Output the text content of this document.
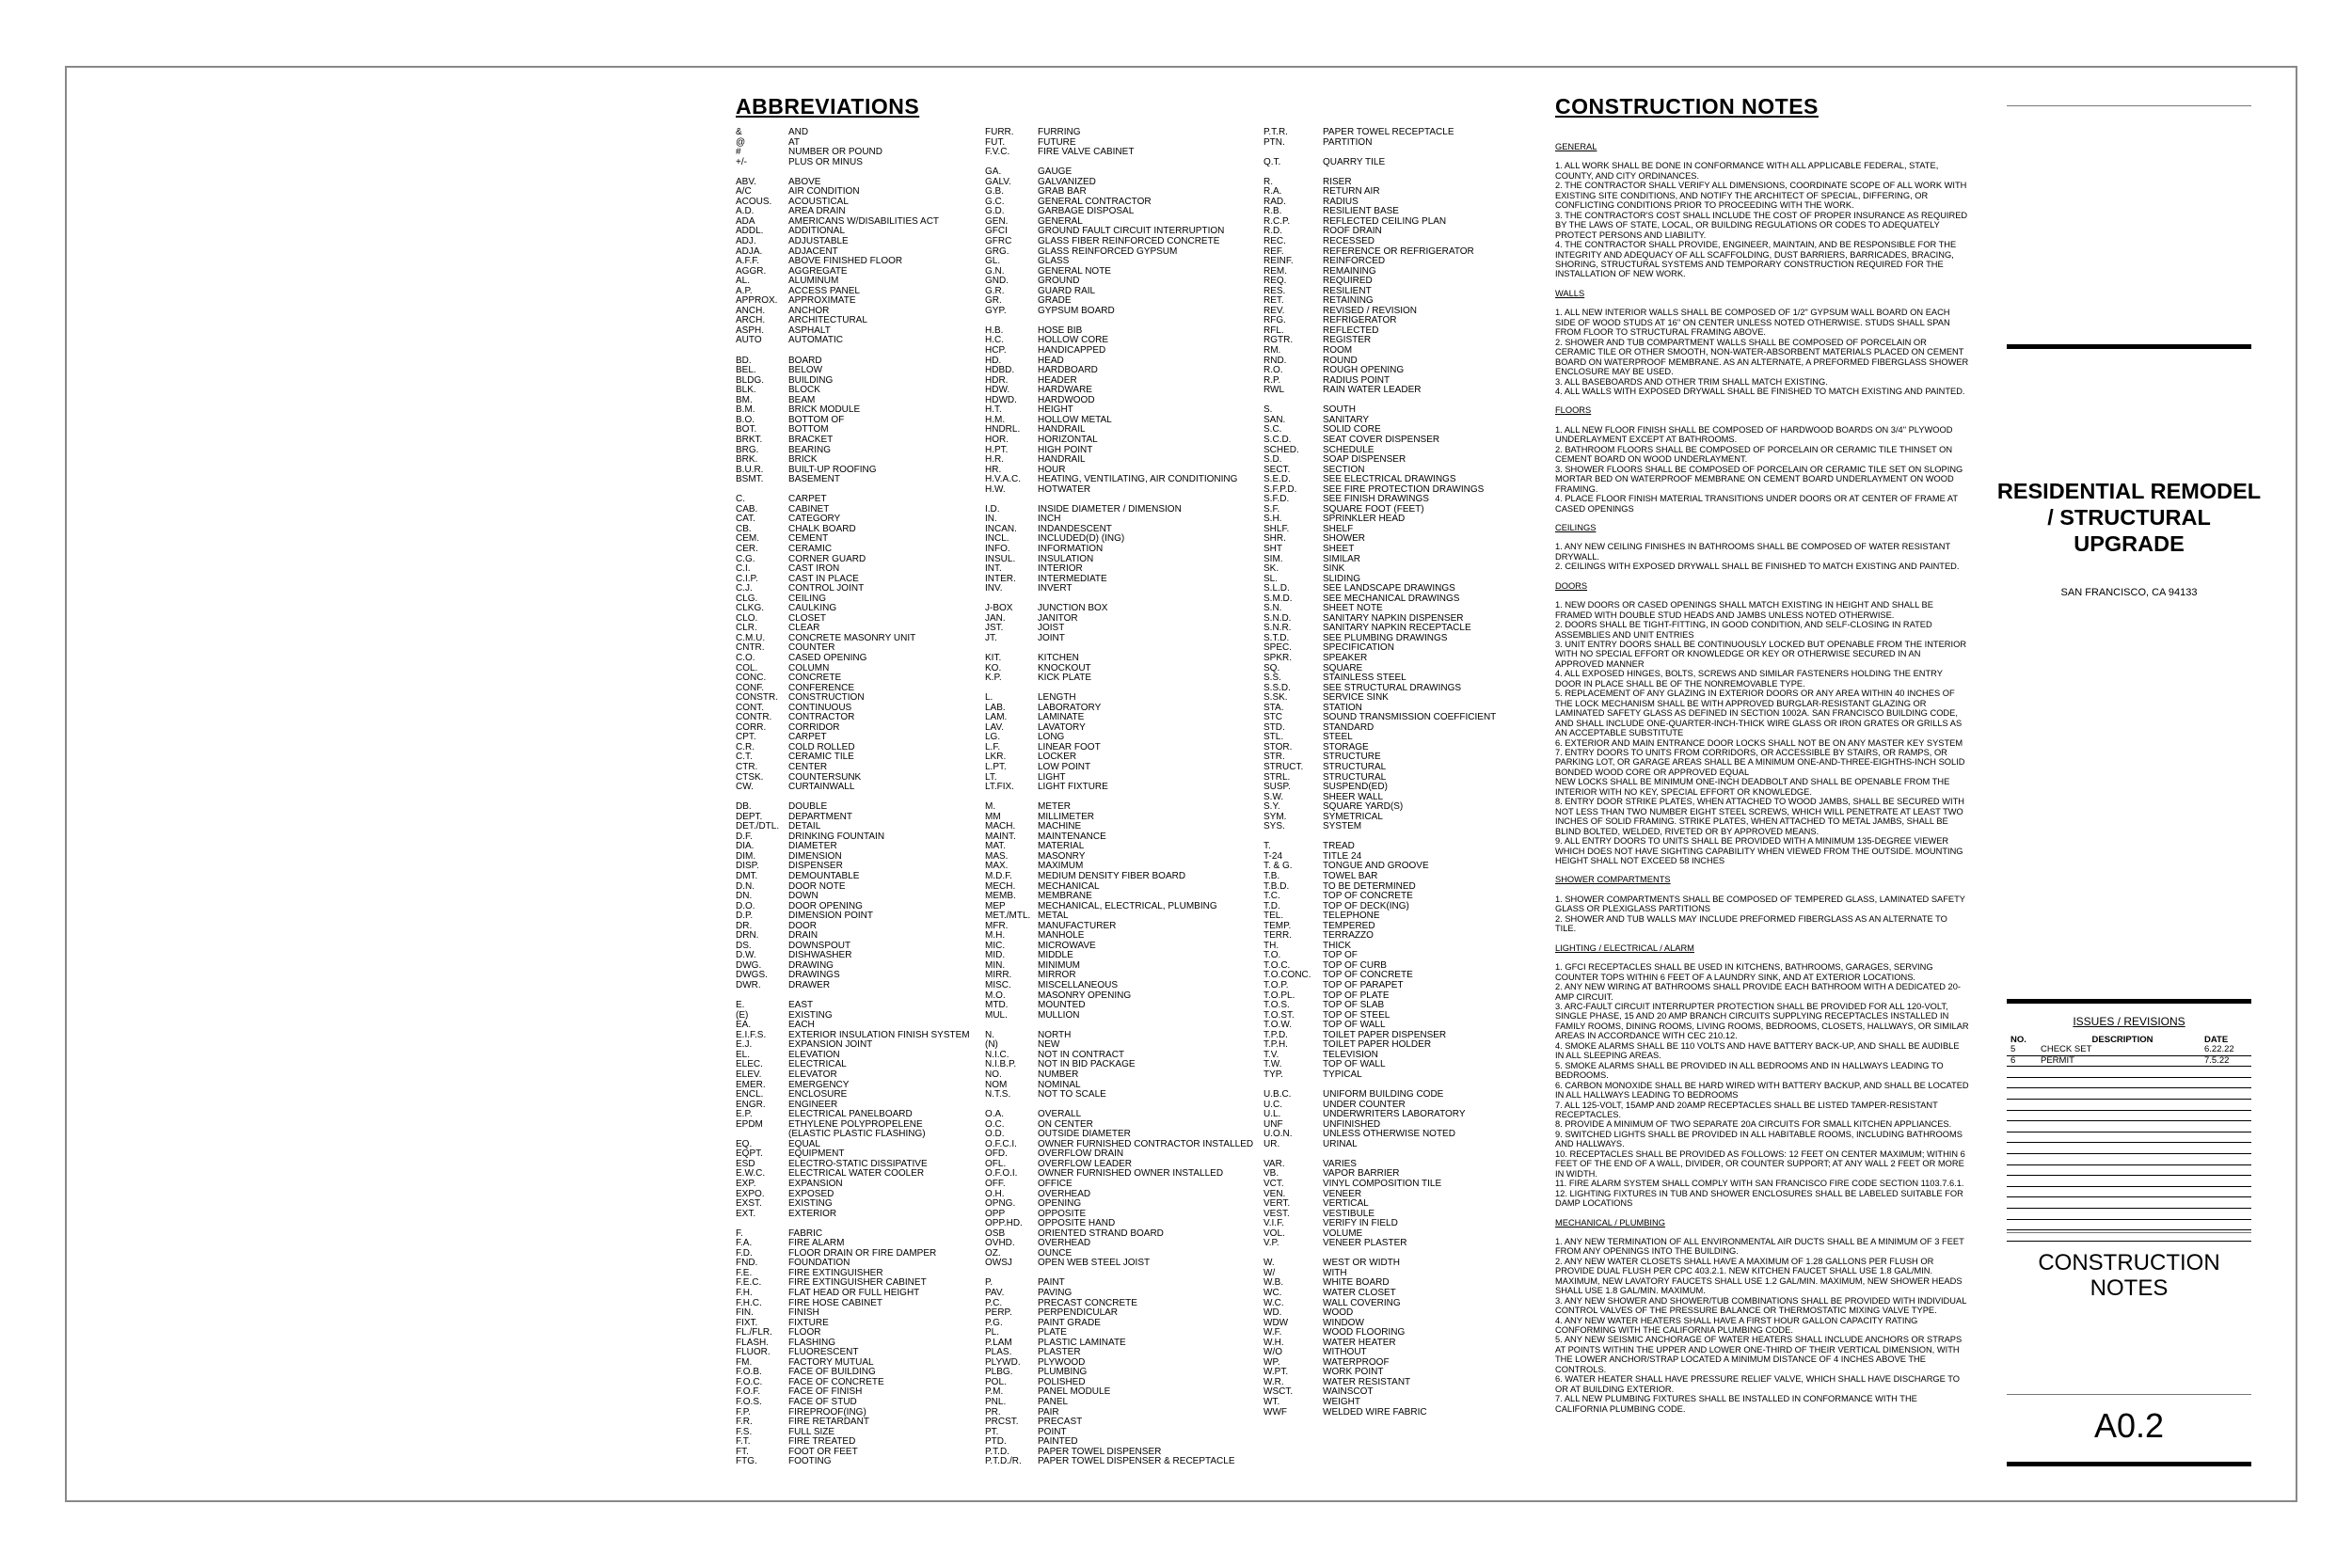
ABBREVIATIONS
&	AND
@	AT
#	NUMBER OR POUND
+/-	PLUS OR MINUS
ABV.	ABOVE
A/C	AIR CONDITION
ACOUS.	ACOUSTICAL
A.D.	AREA DRAIN
ADA	AMERICANS W/DISABILITIES ACT
ADDL.	ADDITIONAL
ADJ.	ADJUSTABLE
ADJA.	ADJACENT
A.F.F.	ABOVE FINISHED FLOOR
AGGR.	AGGREGATE
AL.	ALUMINUM
A.P.	ACCESS PANEL
APPROX.	APPROXIMATE
ANCH.	ANCHOR
ARCH.	ARCHITECTURAL
ASPH.	ASPHALT
AUTO	AUTOMATIC
BD.	BOARD
BEL.	BELOW
BLDG.	BUILDING
BLK.	BLOCK
BM.	BEAM
B.M.	BRICK MODULE
B.O.	BOTTOM OF
BOT.	BOTTOM
BRKT.	BRACKET
BRG.	BEARING
BRK.	BRICK
B.U.R.	BUILT-UP ROOFING
BSMT.	BASEMENT
C.	CARPET
CAB.	CABINET
CAT.	CATEGORY
CB.	CHALK BOARD
CEM.	CEMENT
CER.	CERAMIC
C.G.	CORNER GUARD
C.I.	CAST IRON
C.I.P.	CAST IN PLACE
C.J.	CONTROL JOINT
CLG.	CEILING
CLKG.	CAULKING
CLO.	CLOSET
CLR.	CLEAR
C.M.U.	CONCRETE MASONRY UNIT
CNTR.	COUNTER
C.O.	CASED OPENING
COL.	COLUMN
CONC.	CONCRETE
CONF.	CONFERENCE
CONSTR.	CONSTRUCTION
CONT.	CONTINUOUS
CONTR.	CONTRACTOR
CORR.	CORRIDOR
CPT.	CARPET
C.R.	COLD ROLLED
C.T.	CERAMIC TILE
CTR.	CENTER
CTSK.	COUNTERSUNK
CW.	CURTAINWALL
DB.	DOUBLE
DEPT.	DEPARTMENT
DET./DTL. DETAIL
D.F.	DRINKING FOUNTAIN
DIA.	DIAMETER
DIM.	DIMENSION
DISP.	DISPENSER
DMT.	DEMOUNTABLE
D.N.	DOOR NOTE
DN.	DOWN
D.O.	DOOR OPENING
D.P.	DIMENSION POINT
DR.	DOOR
DRN.	DRAIN
DS.	DOWNSPOUT
D.W.	DISHWASHER
DWG.	DRAWING
DWGS.	DRAWINGS
DWR.	DRAWER
E.	EAST
(E)	EXISTING
EA.	EACH
E.I.F.S.	EXTERIOR INSULATION FINISH SYSTEM
E.J.	EXPANSION JOINT
EL.	ELEVATION
ELEC.	ELECTRICAL
ELEV.	ELEVATOR
EMER.	EMERGENCY
ENCL.	ENCLOSURE
ENGR.	ENGINEER
E.P.	ELECTRICAL PANELBOARD
EPDM	ETHYLENE POLYPROPELENE
(ELASTIC PLASTIC FLASHING)
EQ.	EQUAL
EQPT.	EQUIPMENT
ESD	ELECTRO-STATIC DISSIPATIVE
E.W.C.	ELECTRICAL WATER COOLER
EXP.	EXPANSION
EXPO.	EXPOSED
EXST.	EXISTING
EXT.	EXTERIOR
F.	FABRIC
F.A.	FIRE ALARM
F.D.	FLOOR DRAIN OR FIRE DAMPER
FND.	FOUNDATION
F.E.	FIRE EXTINGUISHER
F.E.C.	FIRE EXTINGUISHER CABINET
F.H.	FLAT HEAD OR FULL HEIGHT
F.H.C.	FIRE HOSE CABINET
FIN.	FINISH
FIXT.	FIXTURE
FL./FLR.	FLOOR
FLASH.	FLASHING
FLUOR.	FLUORESCENT
FM.	FACTORY MUTUAL
F.O.B.	FACE OF BUILDING
F.O.C.	FACE OF CONCRETE
F.O.F.	FACE OF FINISH
F.O.S.	FACE OF STUD
F.P.	FIREPROOF(ING)
F.R.	FIRE RETARDANT
F.S.	FULL SIZE
F.T.	FIRE TREATED
FT.	FOOT OR FEET
FTG.	FOOTING
FURR.	FURRING
FUT.	FUTURE
F.V.C.	FIRE VALVE CABINET
GA.	GAUGE
GALV.	GALVANIZED
G.B.	GRAB BAR
G.C.	GENERAL CONTRACTOR
G.D.	GARBAGE DISPOSAL
GEN.	GENERAL
GFCI	GROUND FAULT CIRCUIT INTERRUPTION
GFRC	GLASS FIBER REINFORCED CONCRETE
GRG.	GLASS REINFORCED GYPSUM
GL.	GLASS
G.N.	GENERAL NOTE
GND.	GROUND
G.R.	GUARD RAIL
GR.	GRADE
GYP.	GYPSUM BOARD
H.B.	HOSE BIB
H.C.	HOLLOW CORE
HCP.	HANDICAPPED
HD.	HEAD
HDBD.	HARDBOARD
HDR.	HEADER
HDW.	HARDWARE
HDWD.	HARDWOOD
H.T.	HEIGHT
H.M.	HOLLOW METAL
HNDRL.	HANDRAIL
HOR.	HORIZONTAL
H.PT.	HIGH POINT
H.R.	HANDRAIL
HR.	HOUR
H.V.A.C.	HEATING, VENTILATING, AIR CONDITIONING
H.W.	HOTWATER
I.D.	INSIDE DIAMETER / DIMENSION
IN.	INCH
INCAN.	INDANDESCENT
INCL.	INCLUDED(D) (ING)
INFO.	INFORMATION
INSUL.	INSULATION
INT.	INTERIOR
INTER.	INTERMEDIATE
INV.	INVERT
J-BOX	JUNCTION BOX
JAN.	JANITOR
JST.	JOIST
JT.	JOINT
KIT.	KITCHEN
KO.	KNOCKOUT
K.P.	KICK PLATE
L.	LENGTH
LAB.	LABORATORY
LAM.	LAMINATE
LAV.	LAVATORY
LG.	LONG
L.F.	LINEAR FOOT
LKR.	LOCKER
L.PT.	LOW POINT
LT.	LIGHT
LT.FIX.	LIGHT FIXTURE
M.	METER
MM	MILLIMETER
MACH.	MACHINE
MAINT.	MAINTENANCE
MAT.	MATERIAL
MAS.	MASONRY
MAX.	MAXIMUM
M.D.F.	MEDIUM DENSITY FIBER BOARD
MECH.	MECHANICAL
MEMB.	MEMBRANE
MEP	MECHANICAL, ELECTRICAL, PLUMBING
MET./MTL. METAL
MFR.	MANUFACTURER
M.H.	MANHOLE
MIC.	MICROWAVE
MID.	MIDDLE
MIN.	MINIMUM
MIRR.	MIRROR
MISC.	MISCELLANEOUS
M.O.	MASONRY OPENING
MTD.	MOUNTED
MUL.	MULLION
N.	NORTH
(N)	NEW
N.I.C.	NOT IN CONTRACT
N.I.B.P.	NOT IN BID PACKAGE
NO.	NUMBER
NOM	NOMINAL
N.T.S.	NOT TO SCALE
O.A.	OVERALL
O.C.	ON CENTER
O.D.	OUTSIDE DIAMETER
O.F.C.I.	OWNER FURNISHED CONTRACTOR INSTALLED
OFD.	OVERFLOW DRAIN
OFL.	OVERFLOW LEADER
O.F.O.I.	OWNER FURNISHED OWNER INSTALLED
OFF.	OFFICE
O.H.	OVERHEAD
OPNG.	OPENING
OPP	OPPOSITE
OPP.HD.	OPPOSITE HAND
OSB	ORIENTED STRAND BOARD
OVHD.	OVERHEAD
OZ.	OUNCE
OWSJ	OPEN WEB STEEL JOIST
P.	PAINT
PAV.	PAVING
P.C.	PRECAST CONCRETE
PERP.	PERPENDICULAR
P.G.	PAINT GRADE
PL.	PLATE
P.LAM	PLASTIC LAMINATE
PLAS.	PLASTER
PLYWD.	PLYWOOD
PLBG.	PLUMBING
POL.	POLISHED
P.M.	PANEL MODULE
PNL.	PANEL
PR.	PAIR
PRCST.	PRECAST
PT.	POINT
PTD.	PAINTED
P.T.D.	PAPER TOWEL DISPENSER
P.T.D./R.	PAPER TOWEL DISPENSER & RECEPTACLE
P.T.R.	PAPER TOWEL RECEPTACLE
PTN.	PARTITION
Q.T.	QUARRY TILE
R.	RISER
R.A.	RETURN AIR
RAD.	RADIUS
R.B.	RESILIENT BASE
R.C.P.	REFLECTED CEILING PLAN
R.D.	ROOF DRAIN
REC.	RECESSED
REF.	REFERENCE OR REFRIGERATOR
REINF.	REINFORCED
REM.	REMAINING
REQ.	REQUIRED
RES.	RESILIENT
RET.	RETAINING
REV.	REVISED / REVISION
RFG.	REFRIGERATOR
RFL.	REFLECTED
RGTR.	REGISTER
RM.	ROOM
RND.	ROUND
R.O.	ROUGH OPENING
R.P.	RADIUS POINT
RWL	RAIN WATER LEADER
S.	SOUTH
SAN.	SANITARY
S.C.	SOLID CORE
S.C.D.	SEAT COVER DISPENSER
SCHED.	SCHEDULE
S.D.	SOAP DISPENSER
SECT.	SECTION
S.E.D.	SEE ELECTRICAL DRAWINGS
S.F.P.D.	SEE FIRE PROTECTION DRAWINGS
S.F.D.	SEE FINISH DRAWINGS
S.F.	SQUARE FOOT (FEET)
S.H.	SPRINKLER HEAD
SHLF.	SHELF
SHR.	SHOWER
SHT	SHEET
SIM.	SIMILAR
SK.	SINK
SL.	SLIDING
S.L.D.	SEE LANDSCAPE DRAWINGS
S.M.D.	SEE MECHANICAL DRAWINGS
S.N.	SHEET NOTE
S.N.D.	SANITARY NAPKIN DISPENSER
S.N.R.	SANITARY NAPKIN RECEPTACLE
S.T.D.	SEE PLUMBING DRAWINGS
SPEC.	SPECIFICATION
SPKR.	SPEAKER
SQ.	SQUARE
S.S.	STAINLESS STEEL
S.S.D.	SEE STRUCTURAL DRAWINGS
S.SK.	SERVICE SINK
STA.	STATION
STC	SOUND TRANSMISSION COEFFICIENT
STD.	STANDARD
STL.	STEEL
STOR.	STORAGE
STR.	STRUCTURE
STRUCT.	STRUCTURAL
STRL.	STRUCTURAL
SUSP.	SUSPEND(ED)
S.W.	SHEER WALL
S.Y.	SQUARE YARD(S)
SYM.	SYMETRICAL
SYS.	SYSTEM
T.	TREAD
T-24	TITLE 24
T. & G.	TONGUE AND GROOVE
T.B.	TOWEL BAR
T.B.D.	TO BE DETERMINED
T.C.	TOP OF CONCRETE
T.D.	TOP OF DECK(ING)
TEL.	TELEPHONE
TEMP.	TEMPERED
TERR.	TERRAZZO
TH.	THICK
T.O.	TOP OF
T.O.C.	TOP OF CURB
T.O.CONC.	TOP OF CONCRETE
T.O.P.	TOP OF PARAPET
T.O.PL.	TOP OF PLATE
T.O.S.	TOP OF SLAB
T.O.ST.	TOP OF STEEL
T.O.W.	TOP OF WALL
T.P.D.	TOILET PAPER DISPENSER
T.P.H.	TOILET PAPER HOLDER
T.V.	TELEVISION
T.W.	TOP OF WALL
TYP.	TYPICAL
U.B.C.	UNIFORM BUILDING CODE
U.C.	UNDER COUNTER
U.L.	UNDERWRITERS LABORATORY
UNF	UNFINISHED
U.O.N.	UNLESS OTHERWISE NOTED
UR.	URINAL
VAR.	VARIES
VB.	VAPOR BARRIER
VCT.	VINYL COMPOSITION TILE
VEN.	VENEER
VERT.	VERTICAL
VEST.	VESTIBULE
V.I.F.	VERIFY IN FIELD
VOL.	VOLUME
V.P.	VENEER PLASTER
W.	WEST OR WIDTH
W/	WITH
W.B.	WHITE BOARD
WC.	WATER CLOSET
W.C.	WALL COVERING
WD.	WOOD
WDW	WINDOW
W.F.	WOOD FLOORING
W.H.	WATER HEATER
W/O	WITHOUT
WP.	WATERPROOF
W.PT.	WORK POINT
W.R.	WATER RESISTANT
WSCT.	WAINSCOT
WT.	WEIGHT
WWF	WELDED WIRE FABRIC
CONSTRUCTION NOTES
GENERAL
1. ALL WORK SHALL BE DONE IN CONFORMANCE WITH ALL APPLICABLE FEDERAL, STATE, COUNTY, AND CITY ORDINANCES.
2. THE CONTRACTOR SHALL VERIFY ALL DIMENSIONS, COORDINATE SCOPE OF ALL WORK WITH EXISTING SITE CONDITIONS, AND NOTIFY THE ARCHITECT OF SPECIAL, DIFFERING, OR CONFLICTING CONDITIONS PRIOR TO PROCEEDING WITH THE WORK.
3. THE CONTRACTOR'S COST SHALL INCLUDE THE COST OF PROPER INSURANCE AS REQUIRED BY THE LAWS OF STATE, LOCAL, OR BUILDING REGULATIONS OR CODES TO ADEQUATELY PROTECT PERSONS AND LIABILITY.
4. THE CONTRACTOR SHALL PROVIDE, ENGINEER, MAINTAIN, AND BE RESPONSIBLE FOR THE INTEGRITY AND ADEQUACY OF ALL SCAFFOLDING, DUST BARRIERS, BARRICADES, BRACING, SHORING, STRUCTURAL SYSTEMS AND TEMPORARY CONSTRUCTION REQUIRED FOR THE INSTALLATION OF NEW WORK.
WALLS
1. ALL NEW INTERIOR WALLS SHALL BE COMPOSED OF 1/2" GYPSUM WALL BOARD ON EACH SIDE OF WOOD STUDS AT 16" ON CENTER UNLESS NOTED OTHERWISE. STUDS SHALL SPAN FROM FLOOR TO STRUCTURAL FRAMING ABOVE.
2. SHOWER AND TUB COMPARTMENT WALLS SHALL BE COMPOSED OF PORCELAIN OR CERAMIC TILE OR OTHER SMOOTH, NON-WATER-ABSORBENT MATERIALS PLACED ON CEMENT BOARD ON WATERPROOF MEMBRANE. AS AN ALTERNATE, A PREFORMED FIBERGLASS SHOWER ENCLOSURE MAY BE USED.
3. ALL BASEBOARDS AND OTHER TRIM SHALL MATCH EXISTING.
4. ALL WALLS WITH EXPOSED DRYWALL SHALL BE FINISHED TO MATCH EXISTING AND PAINTED.
FLOORS
1. ALL NEW FLOOR FINISH SHALL BE COMPOSED OF HARDWOOD BOARDS ON 3/4" PLYWOOD UNDERLAYMENT EXCEPT AT BATHROOMS.
2. BATHROOM FLOORS SHALL BE COMPOSED OF PORCELAIN OR CERAMIC TILE THINSET ON CEMENT BOARD ON WOOD UNDERLAYMENT.
3. SHOWER FLOORS SHALL BE COMPOSED OF PORCELAIN OR CERAMIC TILE SET ON SLOPING MORTAR BED ON WATERPROOF MEMBRANE ON CEMENT BOARD UNDERLAYMENT ON WOOD FRAMING.
4. PLACE FLOOR FINISH MATERIAL TRANSITIONS UNDER DOORS OR AT CENTER OF FRAME AT CASED OPENINGS
CEILINGS
1. ANY NEW CEILING FINISHES IN BATHROOMS SHALL BE COMPOSED OF WATER RESISTANT DRYWALL.
2. CEILINGS WITH EXPOSED DRYWALL SHALL BE FINISHED TO MATCH EXISTING AND PAINTED.
DOORS
1. NEW DOORS OR CASED OPENINGS SHALL MATCH EXISTING IN HEIGHT AND SHALL BE FRAMED WITH DOUBLE STUD HEADS AND JAMBS UNLESS NOTED OTHERWISE.
2. DOORS SHALL BE TIGHT-FITTING, IN GOOD CONDITION, AND SELF-CLOSING IN RATED ASSEMBLIES AND UNIT ENTRIES
3. UNIT ENTRY DOORS SHALL BE CONTINUOUSLY LOCKED BUT OPENABLE FROM THE INTERIOR WITH NO SPECIAL EFFORT OR KNOWLEDGE OR KEY OR OTHERWISE SECURED IN AN APPROVED MANNER
4. ALL EXPOSED HINGES, BOLTS, SCREWS AND SIMILAR FASTENERS HOLDING THE ENTRY DOOR IN PLACE SHALL BE OF THE NONREMOVABLE TYPE.
5. REPLACEMENT OF ANY GLAZING IN EXTERIOR DOORS OR ANY AREA WITHIN 40 INCHES OF THE LOCK MECHANISM SHALL BE WITH APPROVED BURGLAR-RESISTANT GLAZING OR LAMINATED SAFETY GLASS AS DEFINED IN SECTION 1002A. SAN FRANCISCO BUILDING CODE, AND SHALL INCLUDE ONE-QUARTER-INCH-THICK WIRE GLASS OR IRON GRATES OR GRILLS AS AN ACCEPTABLE SUBSTITUTE
6. EXTERIOR AND MAIN ENTRANCE DOOR LOCKS SHALL NOT BE ON ANY MASTER KEY SYSTEM
7. ENTRY DOORS TO UNITS FROM CORRIDORS, OR ACCESSIBLE BY STAIRS, OR RAMPS, OR PARKING LOT, OR GARAGE AREAS SHALL BE A MINIMUM ONE-AND-THREE-EIGHTHS-INCH SOLID BONDED WOOD CORE OR APPROVED EQUAL
NEW LOCKS SHALL BE MINIMUM ONE-INCH DEADBOLT AND SHALL BE OPENABLE FROM THE INTERIOR WITH NO KEY, SPECIAL EFFORT OR KNOWLEDGE.
8. ENTRY DOOR STRIKE PLATES, WHEN ATTACHED TO WOOD JAMBS, SHALL BE SECURED WITH NOT LESS THAN TWO NUMBER EIGHT STEEL SCREWS, WHICH WILL PENETRATE AT LEAST TWO INCHES OF SOLID FRAMING. STRIKE PLATES, WHEN ATTACHED TO METAL JAMBS, SHALL BE BLIND BOLTED, WELDED, RIVETED OR BY APPROVED MEANS.
9. ALL ENTRY DOORS TO UNITS SHALL BE PROVIDED WITH A MINIMUM 135-DEGREE VIEWER WHICH DOES NOT HAVE SIGHTING CAPABILITY WHEN VIEWED FROM THE OUTSIDE. MOUNTING HEIGHT SHALL NOT EXCEED 58 INCHES
SHOWER COMPARTMENTS
1. SHOWER COMPARTMENTS SHALL BE COMPOSED OF TEMPERED GLASS, LAMINATED SAFETY GLASS OR PLEXIGLASS PARTITIONS
2. SHOWER AND TUB WALLS MAY INCLUDE PREFORMED FIBERGLASS AS AN ALTERNATE TO TILE.
LIGHTING / ELECTRICAL / ALARM
1. GFCI RECEPTACLES SHALL BE USED IN KITCHENS, BATHROOMS, GARAGES, SERVING COUNTER TOPS WITHIN 6 FEET OF A LAUNDRY SINK, AND AT EXTERIOR LOCATIONS.
2. ANY NEW WIRING AT BATHROOMS SHALL PROVIDE EACH BATHROOM WITH A DEDICATED 20-AMP CIRCUIT.
3. ARC-FAULT CIRCUIT INTERRUPTER PROTECTION SHALL BE PROVIDED FOR ALL 120-VOLT, SINGLE PHASE, 15 AND 20 AMP BRANCH CIRCUITS SUPPLYING RECEPTACLES INSTALLED IN FAMILY ROOMS, DINING ROOMS, LIVING ROOMS, BEDROOMS, CLOSETS, HALLWAYS, OR SIMILAR AREAS IN ACCORDANCE WITH CEC 210.12.
4. SMOKE ALARMS SHALL BE 110 VOLTS AND HAVE BATTERY BACK-UP, AND SHALL BE AUDIBLE IN ALL SLEEPING AREAS.
5. SMOKE ALARMS SHALL BE PROVIDED IN ALL BEDROOMS AND IN HALLWAYS LEADING TO BEDROOMS.
6. CARBON MONOXIDE SHALL BE HARD WIRED WITH BATTERY BACKUP, AND SHALL BE LOCATED IN ALL HALLWAYS LEADING TO BEDROOMS
7. ALL 125-VOLT, 15AMP AND 20AMP RECEPTACLES SHALL BE LISTED TAMPER-RESISTANT RECEPTACLES.
8. PROVIDE A MINIMUM OF TWO SEPARATE 20A CIRCUITS FOR SMALL KITCHEN APPLIANCES.
9. SWITCHED LIGHTS SHALL BE PROVIDED IN ALL HABITABLE ROOMS, INCLUDING BATHROOMS AND HALLWAYS.
10. RECEPTACLES SHALL BE PROVIDED AS FOLLOWS: 12 FEET ON CENTER MAXIMUM; WITHIN 6 FEET OF THE END OF A WALL, DIVIDER, OR COUNTER SUPPORT; AT ANY WALL 2 FEET OR MORE IN WIDTH.
11. FIRE ALARM SYSTEM SHALL COMPLY WITH SAN FRANCISCO FIRE CODE SECTION 1103.7.6.1.
12. LIGHTING FIXTURES IN TUB AND SHOWER ENCLOSURES SHALL BE LABELED SUITABLE FOR DAMP LOCATIONS
MECHANICAL / PLUMBING
1. ANY NEW TERMINATION OF ALL ENVIRONMENTAL AIR DUCTS SHALL BE A MINIMUM OF 3 FEET FROM ANY OPENINGS INTO THE BUILDING.
2. ANY NEW WATER CLOSETS SHALL HAVE A MAXIMUM OF 1.28 GALLONS PER FLUSH OR PROVIDE DUAL FLUSH PER CPC 403.2.1. NEW KITCHEN FAUCET SHALL USE 1.8 GAL/MIN. MAXIMUM, NEW LAVATORY FAUCETS SHALL USE 1.2 GAL/MIN. MAXIMUM, NEW SHOWER HEADS SHALL USE 1.8 GAL/MIN. MAXIMUM.
3. ANY NEW SHOWER AND SHOWER/TUB COMBINATIONS SHALL BE PROVIDED WITH INDIVIDUAL CONTROL VALVES OF THE PRESSURE BALANCE OR THERMOSTATIC MIXING VALVE TYPE.
4. ANY NEW WATER HEATERS SHALL HAVE A FIRST HOUR GALLON CAPACITY RATING CONFORMING WITH THE CALIFORNIA PLUMBING CODE.
5. ANY NEW SEISMIC ANCHORAGE OF WATER HEATERS SHALL INCLUDE ANCHORS OR STRAPS AT POINTS WITHIN THE UPPER AND LOWER ONE-THIRD OF THEIR VERTICAL DIMENSION, WITH THE LOWER ANCHOR/STRAP LOCATED A MINIMUM DISTANCE OF 4 INCHES ABOVE THE CONTROLS.
6. WATER HEATER SHALL HAVE PRESSURE RELIEF VALVE, WHICH SHALL HAVE DISCHARGE TO OR AT BUILDING EXTERIOR.
7. ALL NEW PLUMBING FIXTURES SHALL BE INSTALLED IN CONFORMANCE WITH THE CALIFORNIA PLUMBING CODE.
RESIDENTIAL REMODEL / STRUCTURAL UPGRADE
SAN FRANCISCO, CA 94133
ISSUES / REVISIONS
NO.	DESCRIPTION	DATE
5	CHECK SET	6.22.22
6	PERMIT	7.5.22
CONSTRUCTION NOTES
A0.2
